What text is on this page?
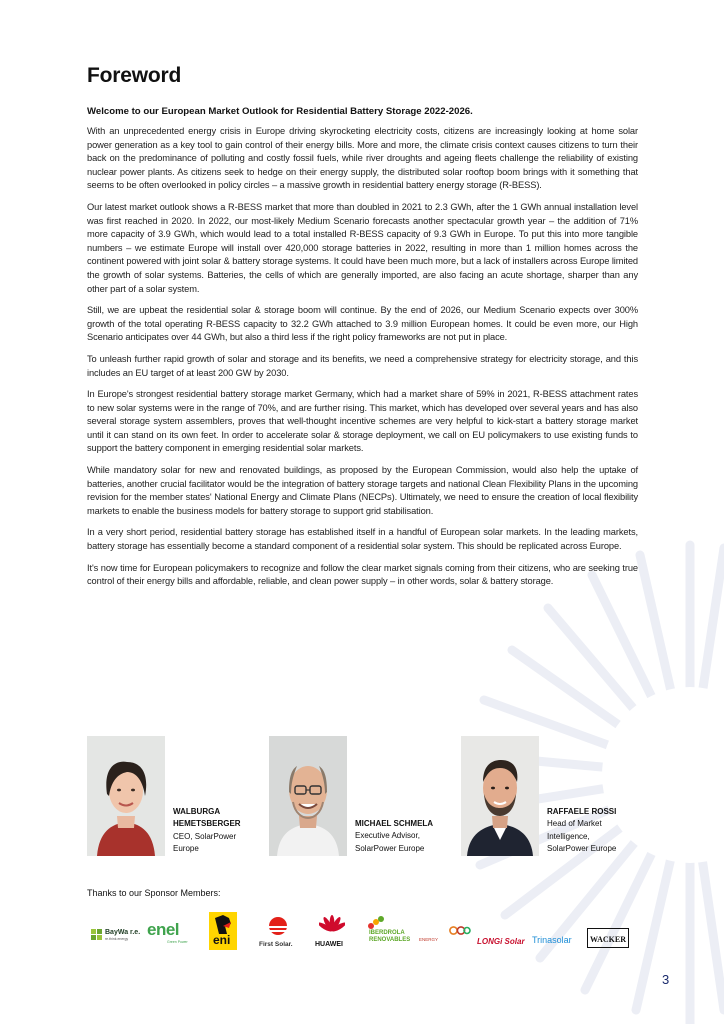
Foreword

Welcome to our European Market Outlook for Residential Battery Storage 2022-2026.

With an unprecedented energy crisis in Europe driving skyrocketing electricity costs, citizens are increasingly looking at home solar power generation as a key tool to gain control of their energy bills. More and more, the climate crisis context causes citizens to turn their back on the predominance of polluting and costly fossil fuels, while river droughts and ageing fleets challenge the reliability of existing nuclear power plants. As citizens seek to hedge on their energy supply, the distributed solar rooftop boom brings with it something that seems to be often overlooked in policy circles – a massive growth in residential battery energy storage (R-BESS).

Our latest market outlook shows a R-BESS market that more than doubled in 2021 to 2.3 GWh, after the 1 GWh annual installation level was first reached in 2020. In 2022, our most-likely Medium Scenario forecasts another spectacular growth year – the addition of 71% more capacity of 3.9 GWh, which would lead to a total installed R-BESS capacity of 9.3 GWh in Europe. To put this into more tangible numbers – we estimate Europe will install over 420,000 storage batteries in 2022, resulting in more than 1 million homes across the continent powered with joint solar & battery storage systems. It could have been much more, but a lack of installers across Europe limited the growth of solar systems. Batteries, the cells of which are generally imported, are also facing an acute shortage, sharper than any other part of a solar system.

Still, we are upbeat the residential solar & storage boom will continue. By the end of 2026, our Medium Scenario expects over 300% growth of the total operating R-BESS capacity to 32.2 GWh attached to 3.9 million European homes. It could be even more, our High Scenario anticipates over 44 GWh, but also a third less if the right policy frameworks are not put in place.

To unleash further rapid growth of solar and storage and its benefits, we need a comprehensive strategy for electricity storage, and this includes an EU target of at least 200 GW by 2030.

In Europe's strongest residential battery storage market Germany, which had a market share of 59% in 2021, R-BESS attachment rates to new solar systems were in the range of 70%, and are further rising. This market, which has developed over several years and has also several storage system assemblers, proves that well-thought incentive schemes are very helpful to kick-start a battery storage market until it can stand on its own feet. In order to accelerate solar & storage deployment, we call on EU policymakers to use existing funds to support the battery component in emerging residential solar markets.

While mandatory solar for new and renovated buildings, as proposed by the European Commission, would also help the uptake of batteries, another crucial facilitator would be the integration of battery storage targets and national Clean Flexibility Plans in the upcoming revision for the member states' National Energy and Climate Plans (NECPs). Ultimately, we need to ensure the creation of local flexibility markets to enable the business models for battery storage to support grid stabilisation.

In a very short period, residential battery storage has established itself in a handful of European solar markets. In the leading markets, battery storage has essentially become a standard component of a residential solar system. This should be replicated across Europe.

It's now time for European policymakers to recognize and follow the clear market signals coming from their citizens, who are seeking true control of their energy bills and affordable, reliable, and clean power supply – in other words, solar & battery storage.

WALBURGA
HEMETSBERGER
CEO, SolarPower
Europe
MICHAEL SCHMELA
Executive Advisor,
SolarPower Europe
RAFFAELE ROSSI
Head of Market
Intelligence,
SolarPower Europe
Thanks to our Sponsor Members:
BayWa r.e.
re.think.energy enel
Green Power eni	First Solar.	HUAWEI
IBERDROLA
RENOVABLES ENERGY	LONGi Solar Trinasolar	WACKER
3
